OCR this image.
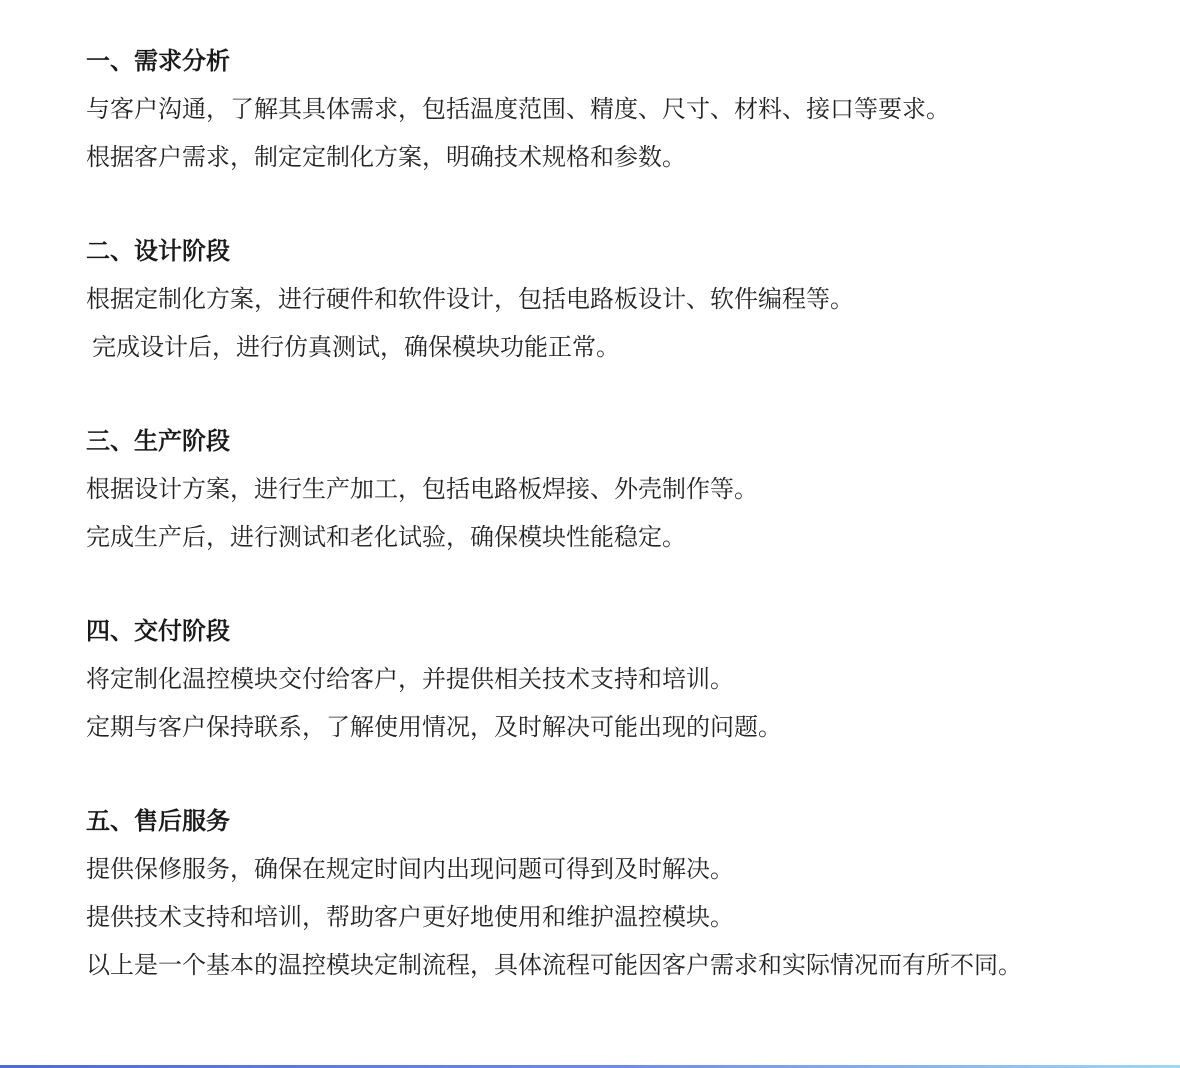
一、需求分析
与客户沟通，了解其具体需求，包括温度范围、精度、尺寸、材料、接口等要求。
根据客户需求，制定定制化方案，明确技术规格和参数。
二、设计阶段
根据定制化方案，进行硬件和软件设计，包括电路板设计、软件编程等。
完成设计后，进行仿真测试，确保模块功能正常。
三、生产阶段
根据设计方案，进行生产加工，包括电路板焊接、外壳制作等。
完成生产后，进行测试和老化试验，确保模块性能稳定。
四、交付阶段
将定制化温控模块交付给客户，并提供相关技术支持和培训。
定期与客户保持联系，了解使用情况，及时解决可能出现的问题。
五、售后服务
提供保修服务，确保在规定时间内出现问题可得到及时解决。
提供技术支持和培训，帮助客户更好地使用和维护温控模块。
以上是一个基本的温控模块定制流程，具体流程可能因客户需求和实际情况而有所不同。
